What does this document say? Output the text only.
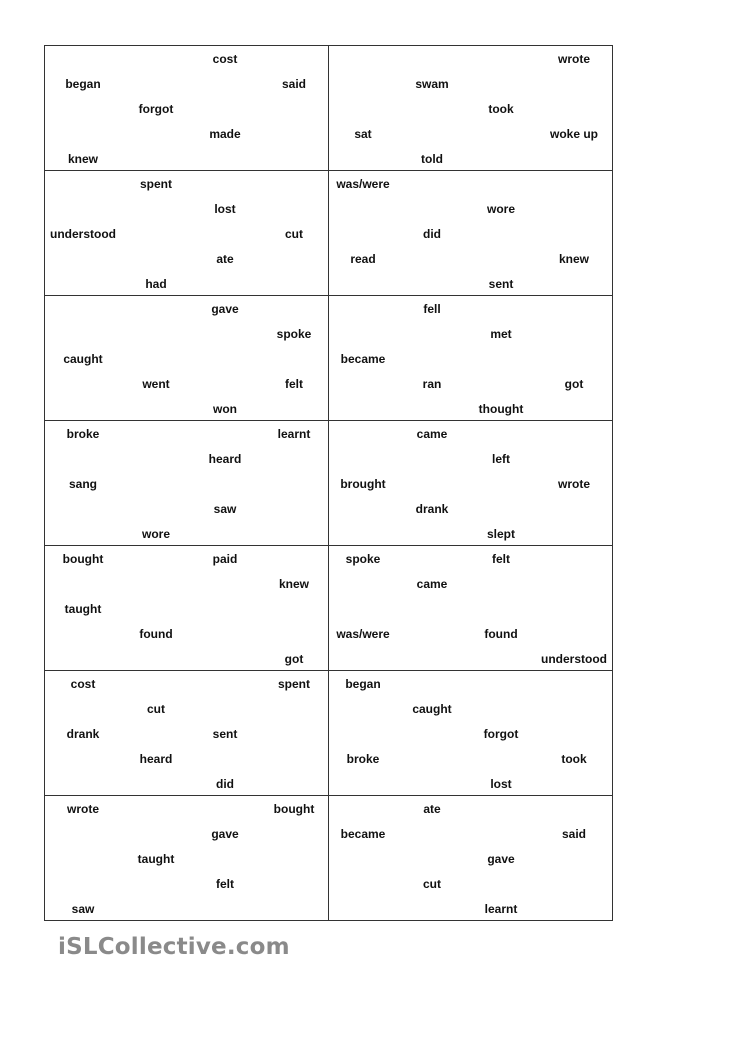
cost
began	said
forgot
made
knew
wrote
swam
took
sat	woke up
told
spent
lost
understood	cut
ate
had
was/were
wore
did
read	knew
sent
gave
spoke
caught
went	felt
won
fell
met
became
ran	got
thought
broke	learnt
heard
sang
saw
wore
came
left
brought	wrote
drank
slept
bought	paid
knew
taught
found
got
spoke	felt
came
was/were	found
understood
cost	spent
cut
drank	sent
heard
did
began
caught
forgot
broke	took
lost
wrote	bought
gave
taught
felt
saw
ate
became	said
gave
cut
learnt
iSLCollective.com
